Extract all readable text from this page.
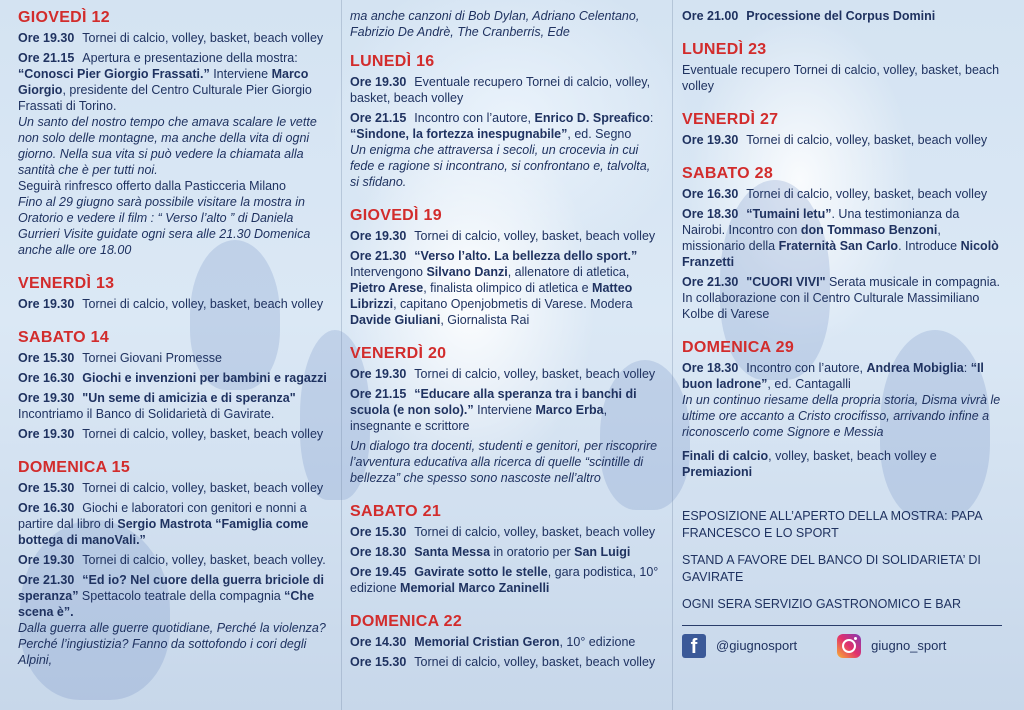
GIOVEDÌ 12
Ore 19.30 Tornei di calcio, volley, basket, beach volley
Ore 21.15 Apertura e presentazione della mostra: “Conosci Pier Giorgio Frassati.” Interviene Marco Giorgio, presidente del Centro Culturale Pier Giorgio Frassati di Torino.
Un santo del nostro tempo che amava scalare le vette non solo delle montagne, ma anche della vita di ogni giorno. Nella sua vita si può vedere la chiamata alla santità che è per tutti noi.
Seguirà rinfresco offerto dalla Pasticceria Milano
Fino al 29 giugno sarà possibile visitare la mostra in Oratorio e vedere il film : “ Verso l’alto ” di Daniela Gurrieri Visite guidate ogni sera alle 21.30 Domenica anche alle ore 18.00
VENERDÌ 13
Ore 19.30 Tornei di calcio, volley, basket, beach volley
SABATO 14
Ore 15.30 Tornei Giovani Promesse
Ore 16.30 Giochi e invenzioni per bambini e ragazzi
Ore 19.30 "Un seme di amicizia e di speranza" Incontriamo il Banco di Solidarietà di Gavirate.
Ore 19.30 Tornei di calcio, volley, basket, beach volley
DOMENICA 15
Ore 15.30 Tornei di calcio, volley, basket, beach volley
Ore 16.30 Giochi e laboratori con genitori e nonni a partire dal libro di Sergio Mastrota “Famiglia come bottega di manoVali.”
Ore 19.30 Tornei di calcio, volley, basket, beach volley.
Ore 21.30 “Ed io? Nel cuore della guerra briciole di speranza” Spettacolo teatrale della compagnia “Che scena è”.
Dalla guerra alle guerre quotidiane, Perché la violenza? Perché l’ingiustizia? Fanno da sottofondo i cori degli Alpini,
ma anche canzoni di Bob Dylan, Adriano Celentano, Fabrizio De Andrè, The Cranberris, Ede
LUNEDÌ 16
Ore 19.30 Eventuale recupero Tornei di calcio, volley, basket, beach volley
Ore 21.15 Incontro con l’autore, Enrico D. Spreafico: “Sindone, la fortezza inespugnabile”, ed. Segno
Un enigma che attraversa i secoli, un crocevia in cui fede e ragione si incontrano, si confrontano e, talvolta, si sfidano.
GIOVEDÌ 19
Ore 19.30 Tornei di calcio, volley, basket, beach volley
Ore 21.30 “Verso l’alto. La bellezza dello sport.” Intervengono Silvano Danzi, allenatore di atletica, Pietro Arese, finalista olimpico di atletica e Matteo Librizzi, capitano Openjobmetis di Varese. Modera Davide Giuliani, Giornalista Rai
VENERDÌ 20
Ore 19.30 Tornei di calcio, volley, basket, beach volley
Ore 21.15 “Educare alla speranza tra i banchi di scuola (e non solo).” Interviene Marco Erba, insegnante e scrittore
Un dialogo tra docenti, studenti e genitori, per riscoprire l’avventura educativa alla ricerca di quelle “scintille di bellezza” che spesso sono nascoste nell’altro
SABATO 21
Ore 15.30 Tornei di calcio, volley, basket, beach volley
Ore 18.30 Santa Messa in oratorio per San Luigi
Ore 19.45 Gavirate sotto le stelle, gara podistica, 10° edizione Memorial Marco Zaninelli
DOMENICA 22
Ore 14.30 Memorial Cristian Geron, 10° edizione
Ore 15.30 Tornei di calcio, volley, basket, beach volley
Ore 21.00 Processione del Corpus Domini
LUNEDÌ 23
Eventuale recupero Tornei di calcio, volley, basket, beach volley
VENERDÌ 27
Ore 19.30 Tornei di calcio, volley, basket, beach volley
SABATO 28
Ore 16.30 Tornei di calcio, volley, basket, beach volley
Ore 18.30 “Tumaini letu”. Una testimonianza da Nairobi. Incontro con don Tommaso Benzoni, missionario della Fraternità San Carlo. Introduce Nicolò Franzetti
Ore 21.30 "CUORI VIVI" Serata musicale in compagnia. In collaborazione con il Centro Culturale Massimiliano Kolbe di Varese
DOMENICA 29
Ore 18.30 Incontro con l’autore, Andrea Mobiglia: “Il buon ladrone”, ed. Cantagalli
In un continuo riesame della propria storia, Disma vivrà le ultime ore accanto a Cristo crocifisso, arrivando infine a riconoscerlo come Signore e Messia
Finali di calcio, volley, basket, beach volley e Premiazioni
ESPOSIZIONE ALL’APERTO DELLA MOSTRA: PAPA FRANCESCO E LO SPORT
STAND A FAVORE DEL BANCO DI SOLIDARIETA’ DI GAVIRATE
OGNI SERA SERVIZIO GASTRONOMICO E BAR
f	@giugnosport	giugno_sport
